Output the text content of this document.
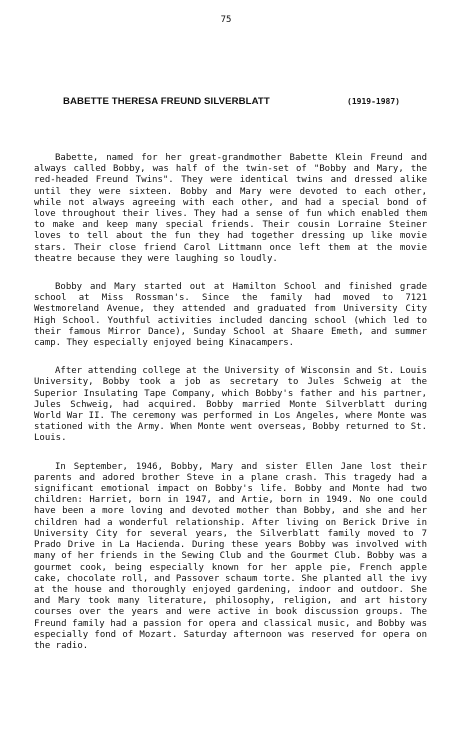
75
BABETTE THERESA FREUND SILVERBLATT	(1919-1987)

Babette, named for her great-grandmother Babette Klein Freund and always called Bobby, was half of the twin-set of "Bobby and Mary, the red-headed Freund Twins". They were identical twins and dressed alike until they were sixteen. Bobby and Mary were devoted to each other, while not always agreeing with each other, and had a special bond of love throughout their lives. They had a sense of fun which enabled them to make and keep many special friends. Their cousin Lorraine Steiner loves to tell about the fun they had together dressing up like movie stars. Their close friend Carol Littmann once left them at the movie theatre because they were laughing so loudly.

Bobby and Mary started out at Hamilton School and finished grade school at Miss Rossman's. Since the family had moved to 7121 Westmoreland Avenue, they attended and graduated from University City High School. Youthful activities included dancing school (which led to their famous Mirror Dance), Sunday School at Shaare Emeth, and summer camp. They especially enjoyed being Kinacampers.

After attending college at the University of Wisconsin and St. Louis University, Bobby took a job as secretary to Jules Schweig at the Superior Insulating Tape Company, which Bobby's father and his partner, Jules Schweig, had acquired. Bobby married Monte Silverblatt during World War II. The ceremony was performed in Los Angeles, where Monte was stationed with the Army. When Monte went overseas, Bobby returned to St. Louis.

In September, 1946, Bobby, Mary and sister Ellen Jane lost their parents and adored brother Steve in a plane crash. This tragedy had a significant emotional impact on Bobby's life. Bobby and Monte had two children: Harriet, born in 1947, and Artie, born in 1949. No one could have been a more loving and devoted mother than Bobby, and she and her children had a wonderful relationship. After living on Berick Drive in University City for several years, the Silverblatt family moved to 7 Prado Drive in La Hacienda. During these years Bobby was involved with many of her friends in the Sewing Club and the Gourmet Club. Bobby was a gourmet cook, being especially known for her apple pie, French apple cake, chocolate roll, and Passover schaum torte. She planted all the ivy at the house and thoroughly enjoyed gardening, indoor and outdoor. She and Mary took many literature, philosophy, religion, and art history courses over the years and were active in book discussion groups. The Freund family had a passion for opera and classical music, and Bobby was especially fond of Mozart. Saturday afternoon was reserved for opera on the radio.
